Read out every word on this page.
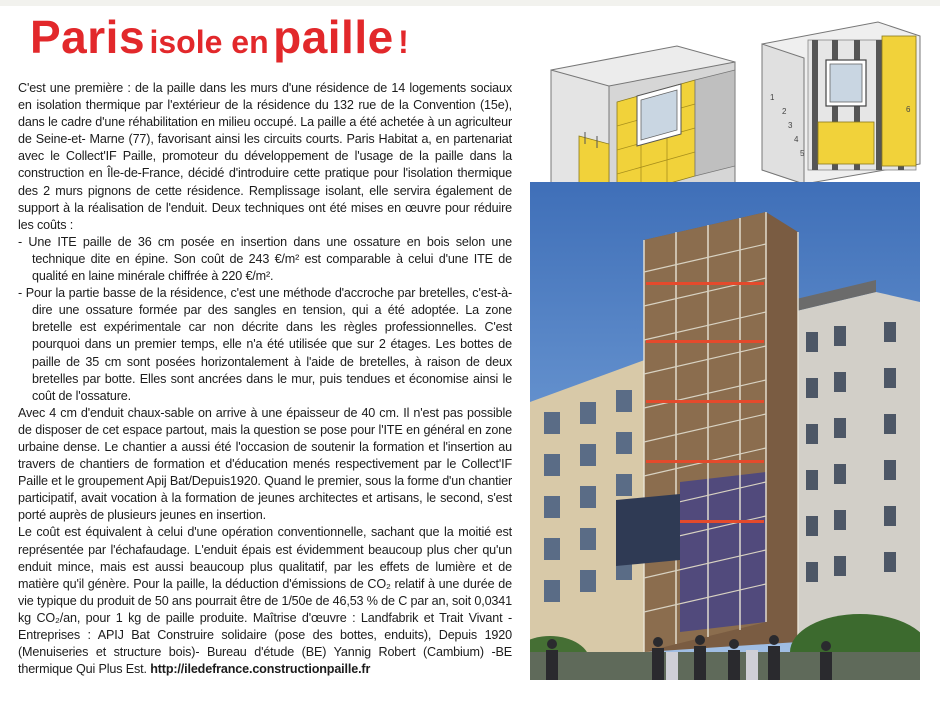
Paris isole en paille !

C'est une première : de la paille dans les murs d'une résidence de 14 logements sociaux en isolation thermique par l'extérieur de la résidence du 132 rue de la Convention (15e), dans le cadre d'une réhabilitation en milieu occupé. La paille a été achetée à un agriculteur de Seine-et- Marne (77), favorisant ainsi les circuits courts. Paris Habitat a, en partenariat avec le Collect'IF Paille, promoteur du développement de l'usage de la paille dans la construction en Île-de-France, décidé d'introduire cette pratique pour l'isolation thermique des 2 murs pignons de cette résidence. Remplissage isolant, elle servira également de support à la réalisation de l'enduit. Deux techniques ont été mises en œuvre pour réduire les coûts :

- Une ITE paille de 36 cm posée en insertion dans une ossature en bois selon une technique dite en épine. Son coût de 243 €/m² est comparable à celui d'une ITE de qualité en laine minérale chiffrée à 220 €/m².

- Pour la partie basse de la résidence, c'est une méthode d'accroche par bretelles, c'est-à-dire une ossature formée par des sangles en tension, qui a été adoptée. La zone bretelle est expérimentale car non décrite dans les règles professionnelles. C'est pourquoi dans un premier temps, elle n'a été utilisée que sur 2 étages. Les bottes de paille de 35 cm sont posées horizontalement à l'aide de bretelles, à raison de deux bretelles par botte. Elles sont ancrées dans le mur, puis tendues et économise ainsi le coût de l'ossature.

Avec 4 cm d'enduit chaux-sable on arrive à une épaisseur de 40 cm. Il n'est pas possible de disposer de cet espace partout, mais la question se pose pour l'ITE en général en zone urbaine dense. Le chantier a aussi été l'occasion de soutenir la formation et l'insertion au travers de chantiers de formation et d'éducation menés respectivement par le Collect'IF Paille et le groupement Apij Bat/Depuis1920. Quand le premier, sous la forme d'un chantier participatif, avait vocation à la formation de jeunes architectes et artisans, le second, s'est porté auprès de plusieurs jeunes en insertion.

Le coût est équivalent à celui d'une opération conventionnelle, sachant que la moitié est représentée par l'échafaudage. L'enduit épais est évidemment beaucoup plus cher qu'un enduit mince, mais est aussi beaucoup plus qualitatif, par les effets de lumière et de matière qu'il génère. Pour la paille, la déduction d'émissions de CO₂ relatif à une durée de vie typique du produit de 50 ans pourrait être de 1/50e de 46,53 % de C par an, soit 0,0341 kg CO₂/an, pour 1 kg de paille produite. Maîtrise d'œuvre : Landfabrik et Trait Vivant - Entreprises : APIJ Bat Construire solidaire (pose des bottes, enduits), Depuis 1920 (Menuiseries et structure bois)- Bureau d'étude (BE) Yannig Robert (Cambium) -BE thermique Qui Plus Est. http://iledefrance.constructionpaille.fr

1
2
3
4
5
6
